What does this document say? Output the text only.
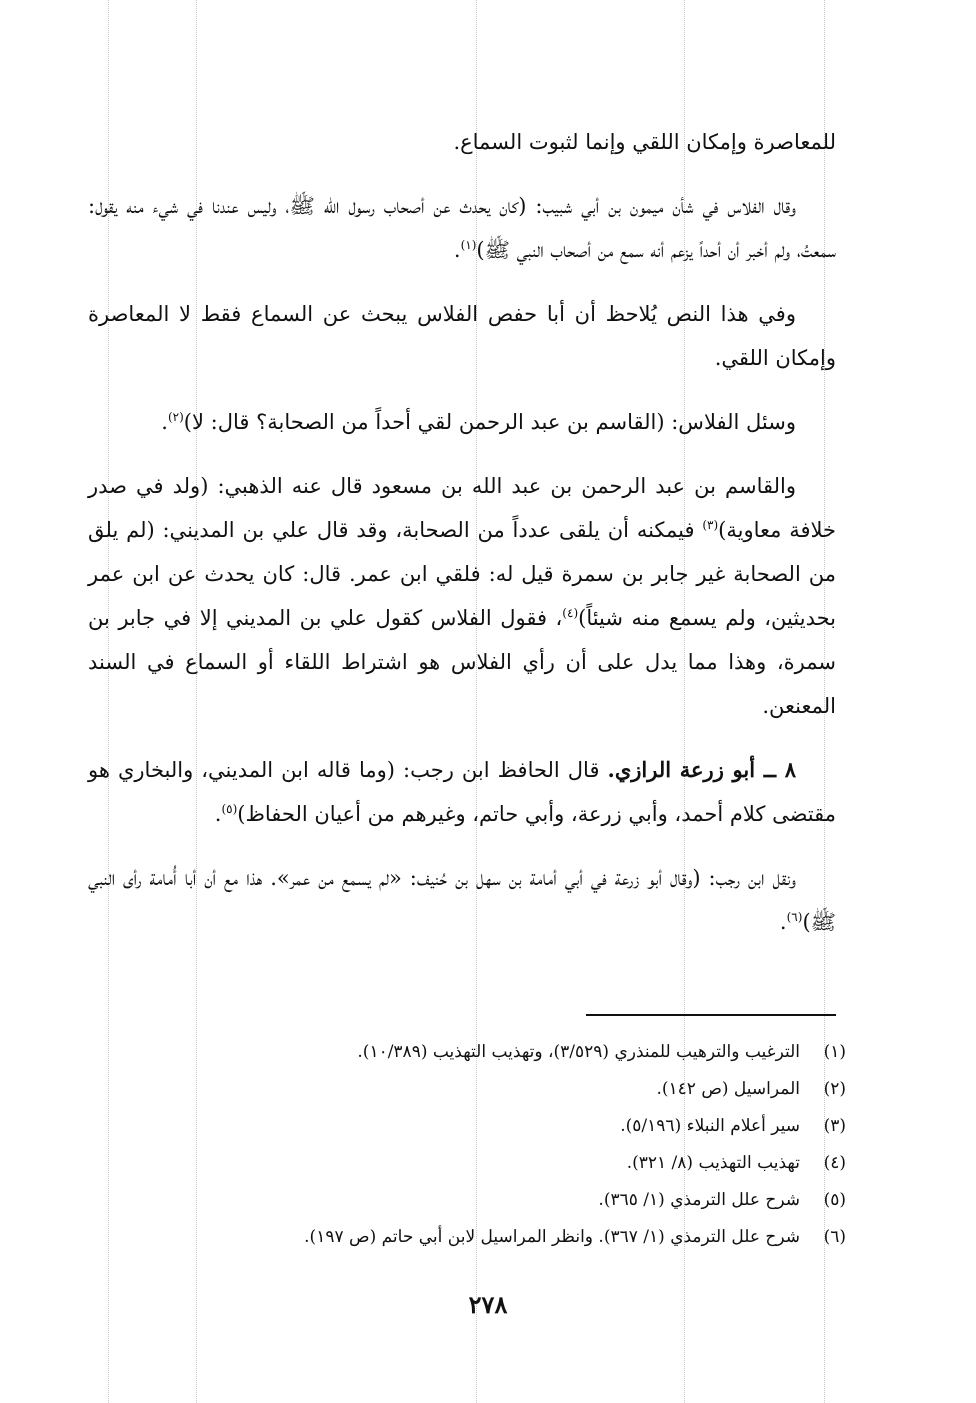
للمعاصرة وإمكان اللقي وإنما لثبوت السماع.

وقال الفلاس في شأن ميمون بن أبي شبيب: (كان يحدث عن أصحاب رسول الله ﷺ، وليس عندنا في شيء منه يقول: سمعتُ، ولم أخبر أن أحداً يزعم أنه سمع من أصحاب النبي ﷺ)$^{(١)}$.

وفي هذا النص يُلاحظ أن أبا حفص الفلاس يبحث عن السماع فقط لا المعاصرة وإمكان اللقي.

وسئل الفلاس: (القاسم بن عبد الرحمن لقي أحداً من الصحابة؟ قال: لا)$^{(٢)}$.

والقاسم بن عبد الرحمن بن عبد الله بن مسعود قال عنه الذهبي: (ولد في صدر خلافة معاوية)$^{(٣)}$ فيمكنه أن يلقى عدداً من الصحابة، وقد قال علي بن المديني: (لم يلق من الصحابة غير جابر بن سمرة قيل له: فلقي ابن عمر. قال: كان يحدث عن ابن عمر بحديثين، ولم يسمع منه شيئاً)$^{(٤)}$، فقول الفلاس كقول علي بن المديني إلا في جابر بن سمرة، وهذا مما يدل على أن رأي الفلاس هو اشتراط اللقاء أو السماع في السند المعنعن.

٨ ــ أبو زرعة الرازي. قال الحافظ ابن رجب: (وما قاله ابن المديني، والبخاري هو مقتضى كلام أحمد، وأبي زرعة، وأبي حاتم، وغيرهم من أعيان الحفاظ)$^{(٥)}$.

ونقل ابن رجب: (وقال أبو زرعة في أبي أمامة بن سهل بن حُنيف: «لم يسمع من عمر». هذا مع أن أبا أُمامة رأى النبي ﷺ)$^{(٦)}$.

(١)
الترغيب والترهيب للمنذري (٣/٥٢٩)، وتهذيب التهذيب (١٠/٣٨٩).
(٢)
المراسيل (ص ١٤٢).
(٣)
سير أعلام النبلاء (٥/١٩٦).
(٤)
تهذيب التهذيب (٨/ ٣٢١).
(٥)
شرح علل الترمذي (١/ ٣٦٥).
(٦)
شرح علل الترمذي (١/ ٣٦٧). وانظر المراسيل لابن أبي حاتم (ص ١٩٧).
٢٧٨
